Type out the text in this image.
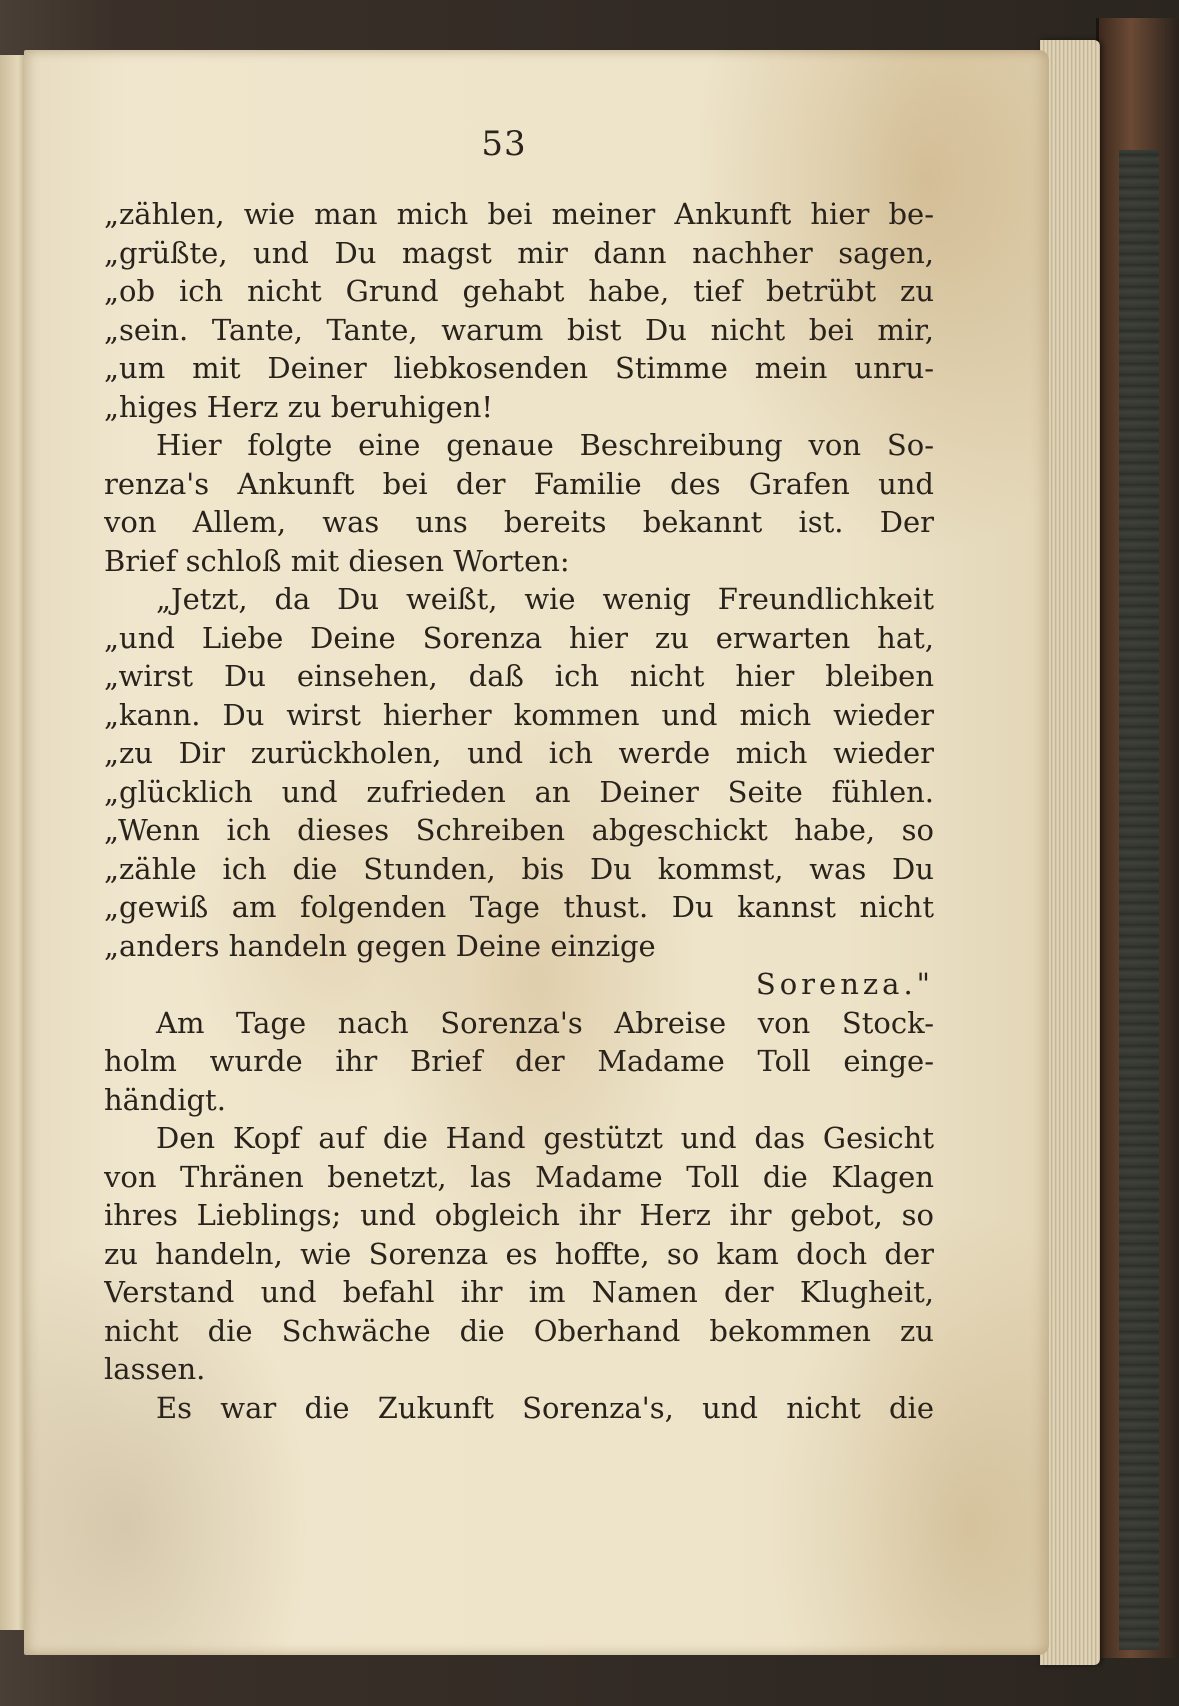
53
„zählen, wie man mich bei meiner Ankunft hier be-
„grüßte, und Du magst mir dann nachher sagen,
„ob ich nicht Grund gehabt habe, tief betrübt zu
„sein. Tante, Tante, warum bist Du nicht bei mir,
„um mit Deiner liebkosenden Stimme mein unru-
„higes Herz zu beruhigen!
Hier folgte eine genaue Beschreibung von So-
renza's Ankunft bei der Familie des Grafen und
von Allem, was uns bereits bekannt ist. Der
Brief schloß mit diesen Worten:
„Jetzt, da Du weißt, wie wenig Freundlichkeit
„und Liebe Deine Sorenza hier zu erwarten hat,
„wirst Du einsehen, daß ich nicht hier bleiben
„kann. Du wirst hierher kommen und mich wieder
„zu Dir zurückholen, und ich werde mich wieder
„glücklich und zufrieden an Deiner Seite fühlen.
„Wenn ich dieses Schreiben abgeschickt habe, so
„zähle ich die Stunden, bis Du kommst, was Du
„gewiß am folgenden Tage thust. Du kannst nicht
„anders handeln gegen Deine einzige
Sorenza."
Am Tage nach Sorenza's Abreise von Stock-
holm wurde ihr Brief der Madame Toll einge-
händigt.
Den Kopf auf die Hand gestützt und das Gesicht
von Thränen benetzt, las Madame Toll die Klagen
ihres Lieblings; und obgleich ihr Herz ihr gebot, so
zu handeln, wie Sorenza es hoffte, so kam doch der
Verstand und befahl ihr im Namen der Klugheit,
nicht die Schwäche die Oberhand bekommen zu
lassen.
Es war die Zukunft Sorenza's, und nicht die
